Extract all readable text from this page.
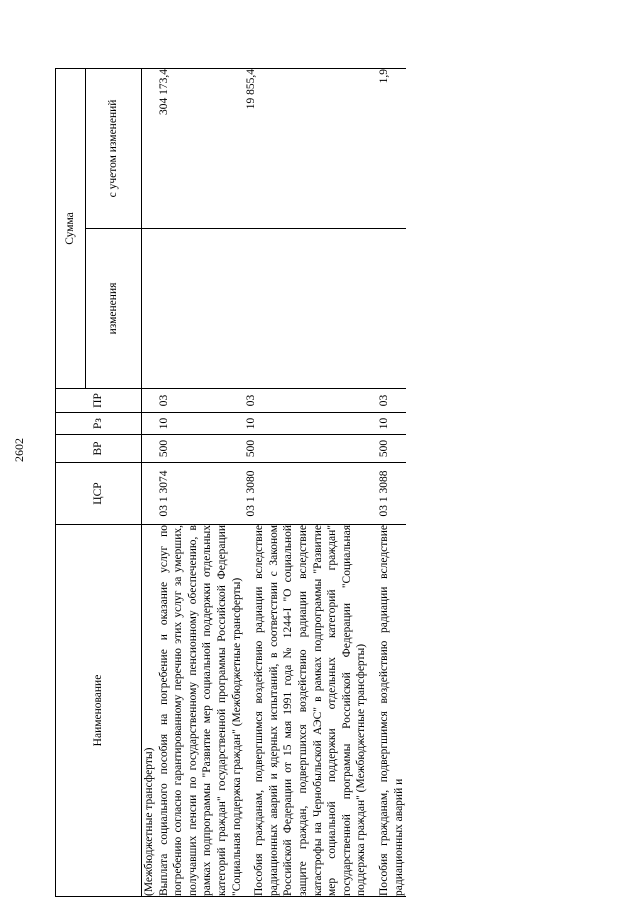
2602
Наименование	ЦСР	ВР	Рз	ПР	Сумма	
					изменения	с учетом изменений
(Межбюджетные трансферты)						
Выплата социального пособия на погребение и оказание услуг по погребению согласно гарантированному перечню этих услуг за умерших, получавших пенсии по государственному пенсионному обеспечению, в рамках подпрограммы "Развитие мер социальной поддержки отдельных категорий граждан" государственной программы Российской Федерации "Социальная поддержка граждан" (Межбюджетные трансферты)	03 1 3074	500	10	03		304 173,4
Пособия гражданам, подвергшимся воздействию радиации вследствие радиационных аварий и ядерных испытаний, в соответствии с Законом Российской Федерации от 15 мая 1991 года № 1244-I "О социальной защите граждан, подвергшихся воздействию радиации вследствие катастрофы на Чернобыльской АЭС" в рамках подпрограммы "Развитие мер социальной поддержки отдельных категорий граждан" государственной программы Российской Федерации "Социальная поддержка граждан" (Межбюджетные трансферты)	03 1 3080	500	10	03		19 855,4
Пособия гражданам, подвергшимся воздействию радиации вследствие радиационных аварий и	03 1 3088	500	10	03		1,9
